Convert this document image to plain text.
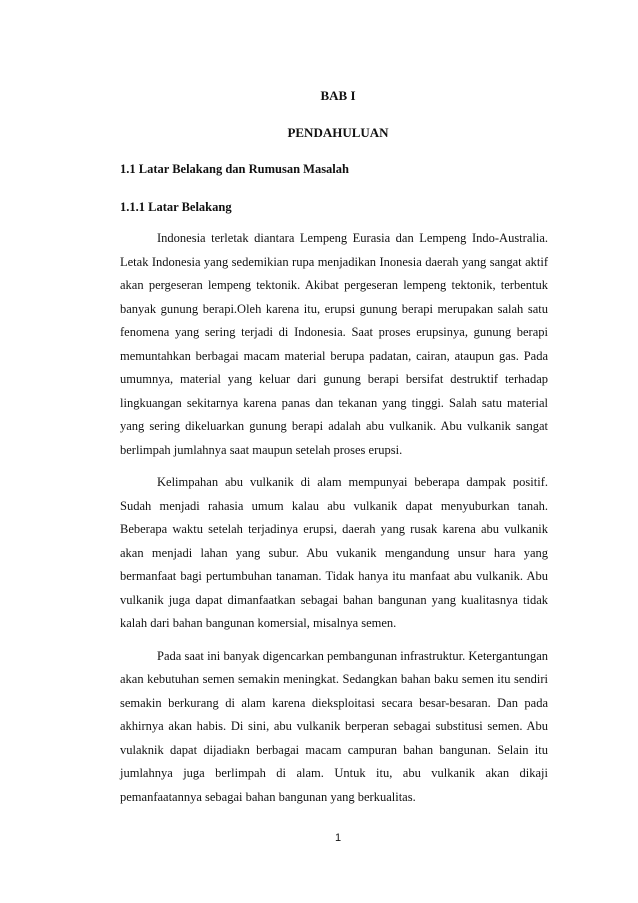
BAB I
PENDAHULUAN
1.1 Latar Belakang dan Rumusan Masalah
1.1.1 Latar Belakang

Indonesia terletak diantara Lempeng Eurasia dan Lempeng Indo-Australia. Letak Indonesia yang sedemikian rupa menjadikan Inonesia daerah yang sangat aktif akan pergeseran lempeng tektonik. Akibat pergeseran lempeng tektonik, terbentuk banyak gunung berapi.Oleh karena itu, erupsi gunung berapi merupakan salah satu fenomena yang sering terjadi di Indonesia. Saat proses erupsinya, gunung berapi memuntahkan berbagai macam material berupa padatan, cairan, ataupun gas. Pada umumnya, material yang keluar dari gunung berapi bersifat destruktif terhadap lingkuangan sekitarnya karena panas dan tekanan yang tinggi. Salah satu material yang sering dikeluarkan gunung berapi adalah abu vulkanik. Abu vulkanik sangat berlimpah jumlahnya saat maupun setelah proses erupsi.

Kelimpahan abu vulkanik di alam mempunyai beberapa dampak positif. Sudah menjadi rahasia umum kalau abu vulkanik dapat menyuburkan tanah. Beberapa waktu setelah terjadinya erupsi, daerah yang rusak karena abu vulkanik akan menjadi lahan yang subur. Abu vukanik mengandung unsur hara yang bermanfaat bagi pertumbuhan tanaman. Tidak hanya itu manfaat abu vulkanik. Abu vulkanik juga dapat dimanfaatkan sebagai bahan bangunan yang kualitasnya tidak kalah dari bahan bangunan komersial, misalnya semen.

Pada saat ini banyak digencarkan pembangunan infrastruktur. Ketergantungan akan kebutuhan semen semakin meningkat. Sedangkan bahan baku semen itu sendiri semakin berkurang di alam karena dieksploitasi secara besar-besaran. Dan pada akhirnya akan habis. Di sini, abu vulkanik berperan sebagai substitusi semen. Abu vulaknik dapat dijadiakn berbagai macam campuran bahan bangunan. Selain itu jumlahnya juga berlimpah di alam. Untuk itu, abu vulkanik akan dikaji pemanfaatannya sebagai bahan bangunan yang berkualitas.

1
